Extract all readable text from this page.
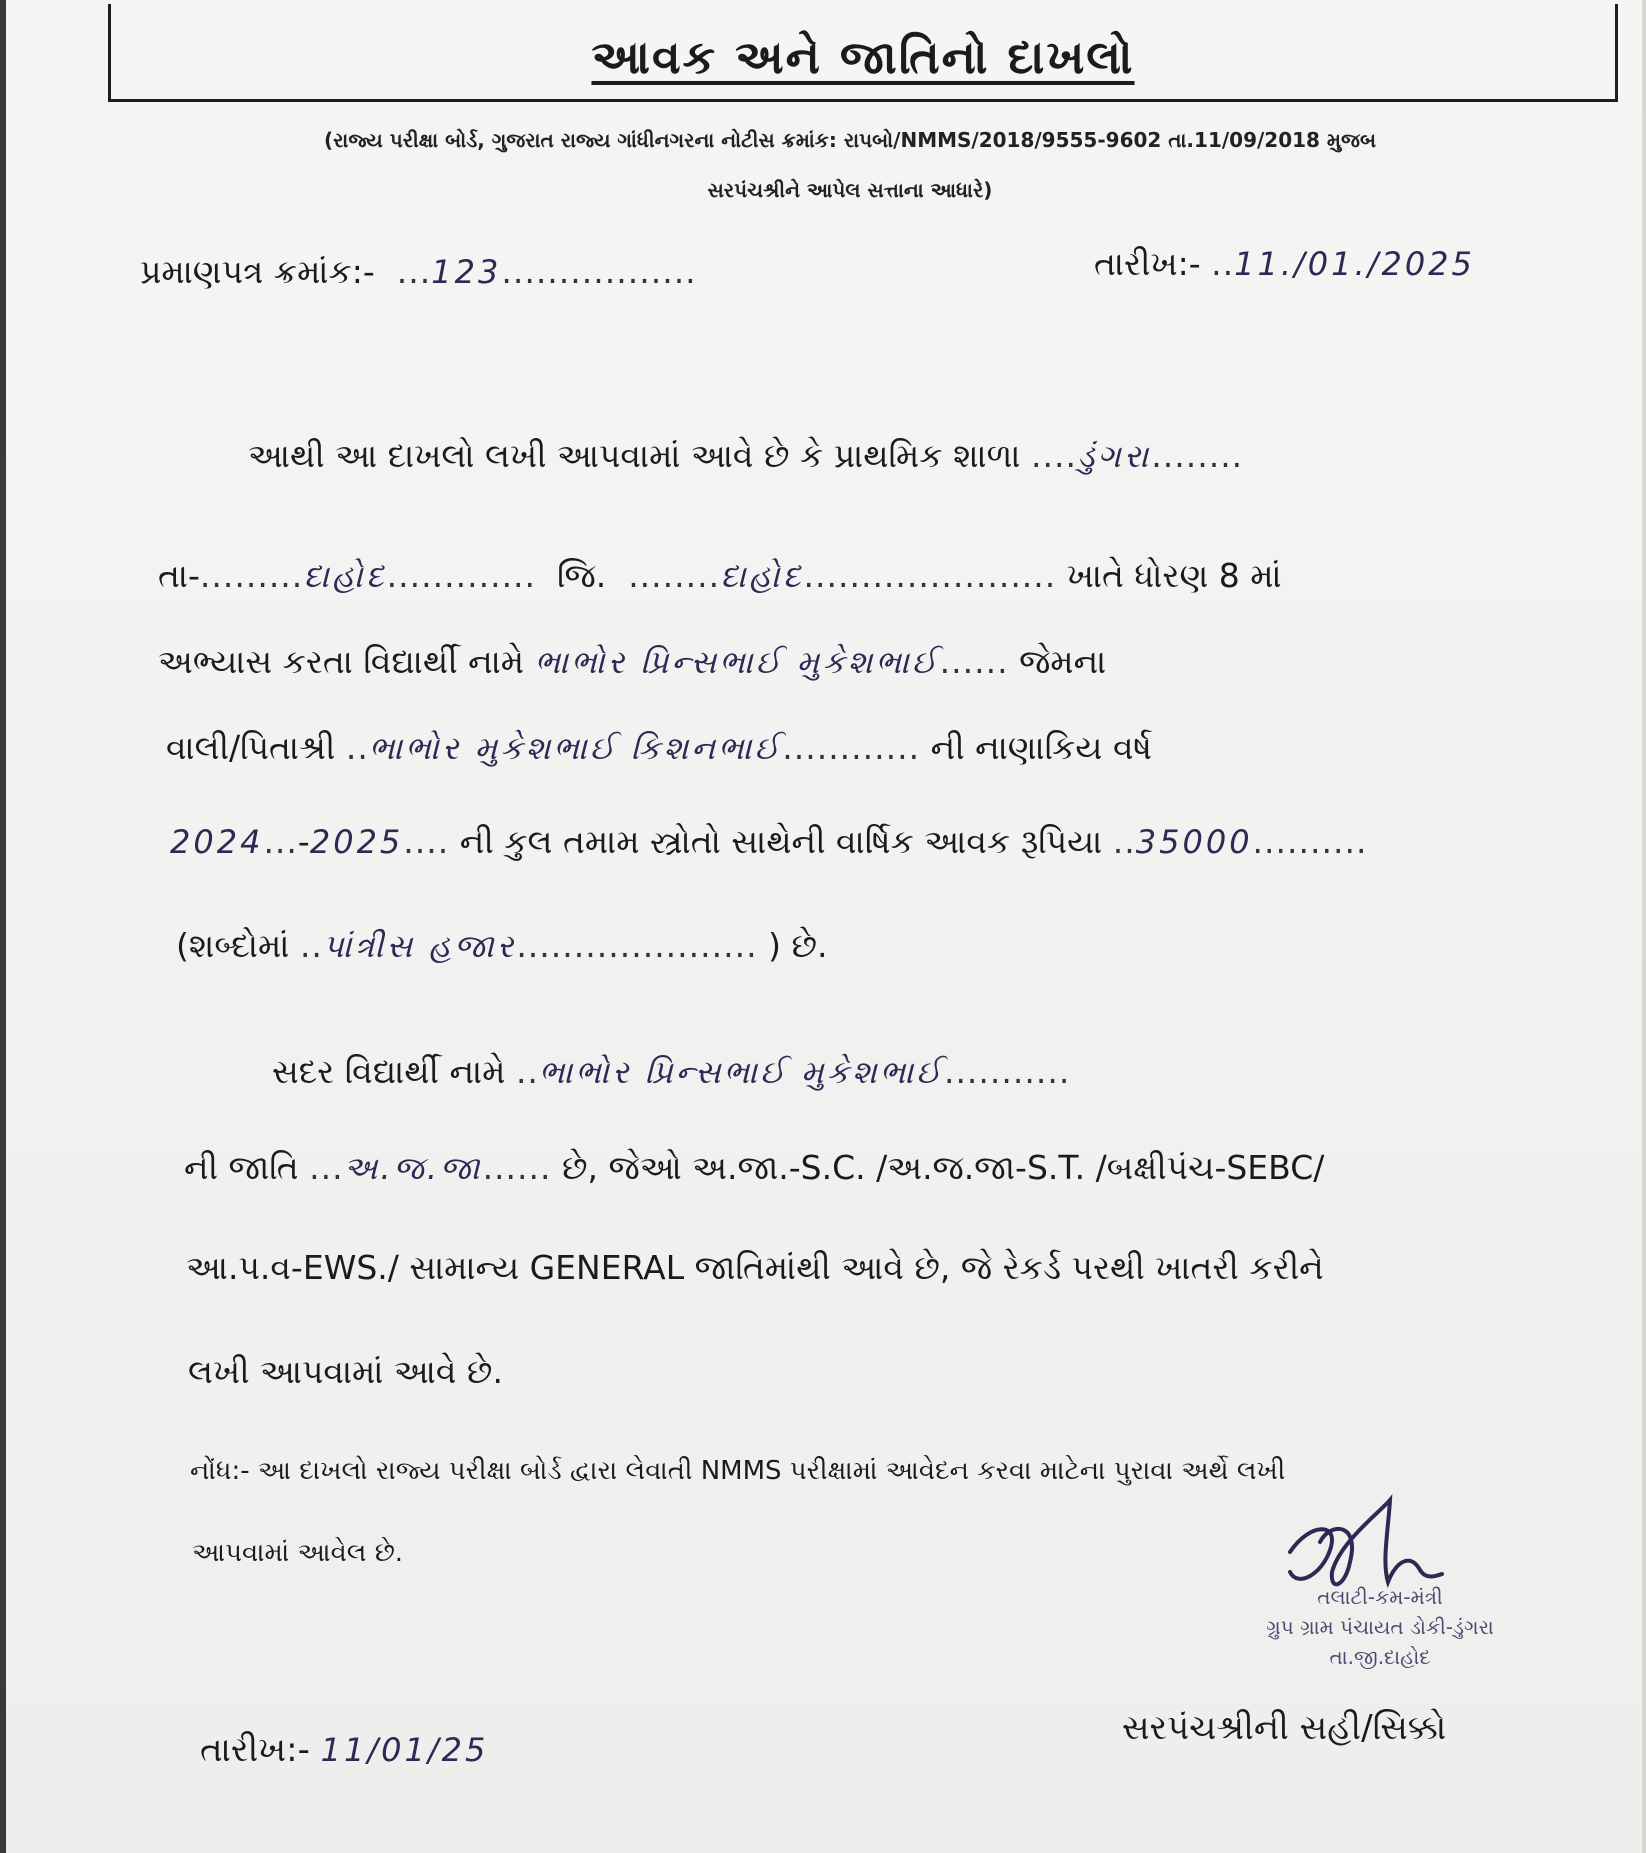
આવક અને જાતિનો દાખલો
(રાજ્ય પરીક્ષા બોર્ડ, ગુજરાત રાજ્ય ગાંધીનગરના નોટીસ ક્રમાંક: રાપબો/NMMS/2018/9555-9602 તા.11/09/2018 મુજબ
સરપંચશ્રીને આપેલ સત્તાના આધારે)
પ્રમાણપત્ર ક્રમાંક:-  ...123.................	તારીખ:- ..11./01./2025
આથી આ દાખલો લખી આપવામાં આવે છે કે પ્રાથમિક શાળા ....ડુંગરા........
તા-.........દાહોદ............. જિ.  ........દાહોદ...................... ખાતે ધોરણ 8 માં
અભ્યાસ કરતા વિદ્યાર્થી નામે ભાભોર પ્રિન્સભાઈ મુકેશભાઈ...... જેમના
વાલી/પિતાશ્રી ..ભાભોર મુકેશભાઈ કિશનભાઈ............ ની નાણાકિય વર્ષ
2024...-2025.... ની કુલ તમામ સ્ત્રોતો સાથેની વાર્ષિક આવક રૂપિયા ..35000..........
(શબ્દોમાં ..પાંત્રીસ હજાર..................... ) છે.
સદર વિદ્યાર્થી નામે ..ભાભોર પ્રિન્સભાઈ મુકેશભાઈ...........
ની જાતિ ...અ.જ.જા...... છે, જેઓ અ.જા.-S.C. /અ.જ.જા-S.T. /બક્ષીપંચ-SEBC/
આ.પ.વ-EWS./ સામાન્ય GENERAL જાતિમાંથી આવે છે, જે રેકર્ડ પરથી ખાતરી કરીને
લખી આપવામાં આવે છે.
નોંધ:- આ દાખલો રાજ્ય પરીક્ષા બોર્ડ દ્વારા લેવાતી NMMS પરીક્ષામાં આવેદન કરવા માટેના પુરાવા અર્થે લખી
આપવામાં આવેલ છે.
તલાટી-કમ-મંત્રી
ગ્રુપ ગ્રામ પંચાયત ડોકી-ડુંગરા
તા.જી.દાહોદ
તારીખ:- 11/01/25
સરપંચશ્રીની સહી/સિક્કો
